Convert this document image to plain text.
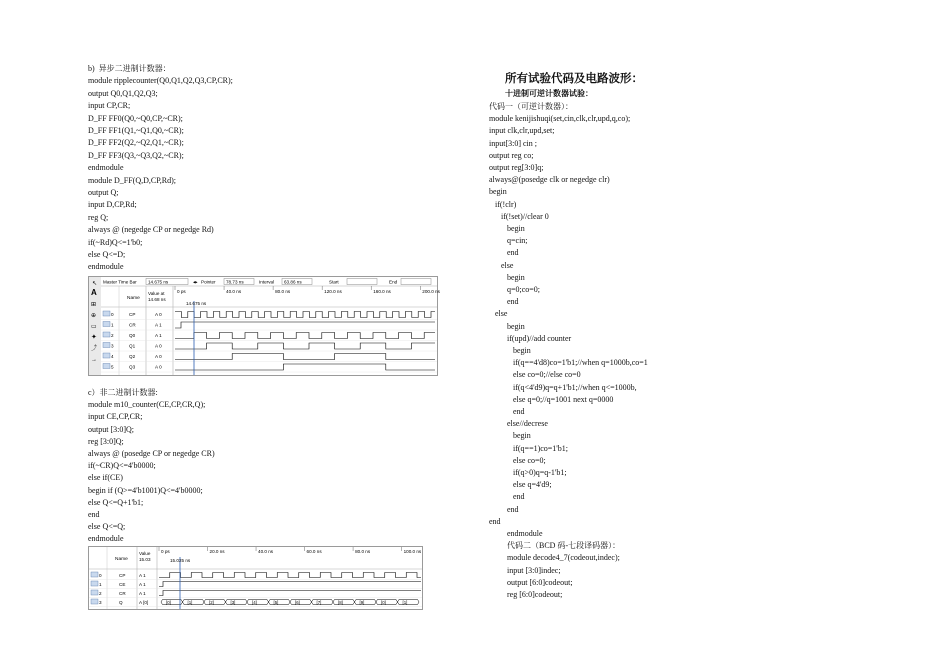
b)  异步二进制计数器：
module ripplecounter(Q0,Q1,Q2,Q3,CP,CR);
output Q0,Q1,Q2,Q3;
input CP,CR;
D_FF FF0(Q0,~Q0,CP,~CR);
D_FF FF1(Q1,~Q1,Q0,~CR);
D_FF FF2(Q2,~Q2,Q1,~CR);
D_FF FF3(Q3,~Q3,Q2,~CR);
endmodule
module D_FF(Q,D,CP,Rd);
output Q;
input D,CP,Rd;
reg Q;
always @ (negedge CP or negedge Rd)
if(~Rd)Q<=1'b0;
else Q<=D;
endmodule
↖
A
⊞
⊕
▭
✦
⤴
→
Master Time Bar 14.675 ns	◂▸ Pointer 78.73 ns	Interval 63.86 ns	Start	End
Name
Value at
14.68 ns
0 ps	40.0 ns	80.0 ns	120.0 ns	160.0 ns	200.0 ns
0	CP	A 0
1	CR	A 1
2	Q0	A 1
3	Q1	A 0
4	Q2	A 0
5	Q3	A 0
14.675 ns
c）非二进制计数器:
module m10_counter(CE,CP,CR,Q);
input CE,CP,CR;
output [3:0]Q;
reg [3:0]Q;
always @ (posedge CP or negedge CR)
if(~CR)Q<=4'b0000;
else if(CE)
begin if (Q>=4'b1001)Q<=4'b0000;
else Q<=Q+1'b1;
end
else Q<=Q;
endmodule
Name
Value
15.03
0 ps	20.0 ns	40.0 ns	60.0 ns	80.0 ns	100.0 ns
0	CP	A 1
1	CE	A 1
2	CR	A 1
3	Q	A [0]	[0]	[1]	[2]	[3]	[4]	[5]	[6]	[7]	[8]	[9]	[0]	[1]
15.025 ns
所有试验代码及电路波形：
十进制可逆计数器试验：
代码一（可逆计数器）：
module kenijishuqi(set,cin,clk,clr,upd,q,co);
input clk,clr,upd,set;
input[3:0] cin ;
output reg co;
output reg[3:0]q;
always@(posedge clk or negedge clr)
begin
if(!clr)
if(!set)//clear 0
begin
q=cin;
end
else
begin
q=0;co=0;
end
else
begin
if(upd)//add counter
begin
if(q==4'd8)co=1'b1;//when q=1000b,co=1
else co=0;//else co=0
if(q<4'd9)q=q+1'b1;//when q<=1000b,
else q=0;//q=1001 next q=0000
end
else//decrese
begin
if(q==1)co=1'b1;
else co=0;
if(q>0)q=q-1'b1;
else q=4'd9;
end
end
end
endmodule
代码二（BCD 码-七段译码器）：
module decode4_7(codeout,indec);
input [3:0]indec;
output [6:0]codeout;
reg [6:0]codeout;
